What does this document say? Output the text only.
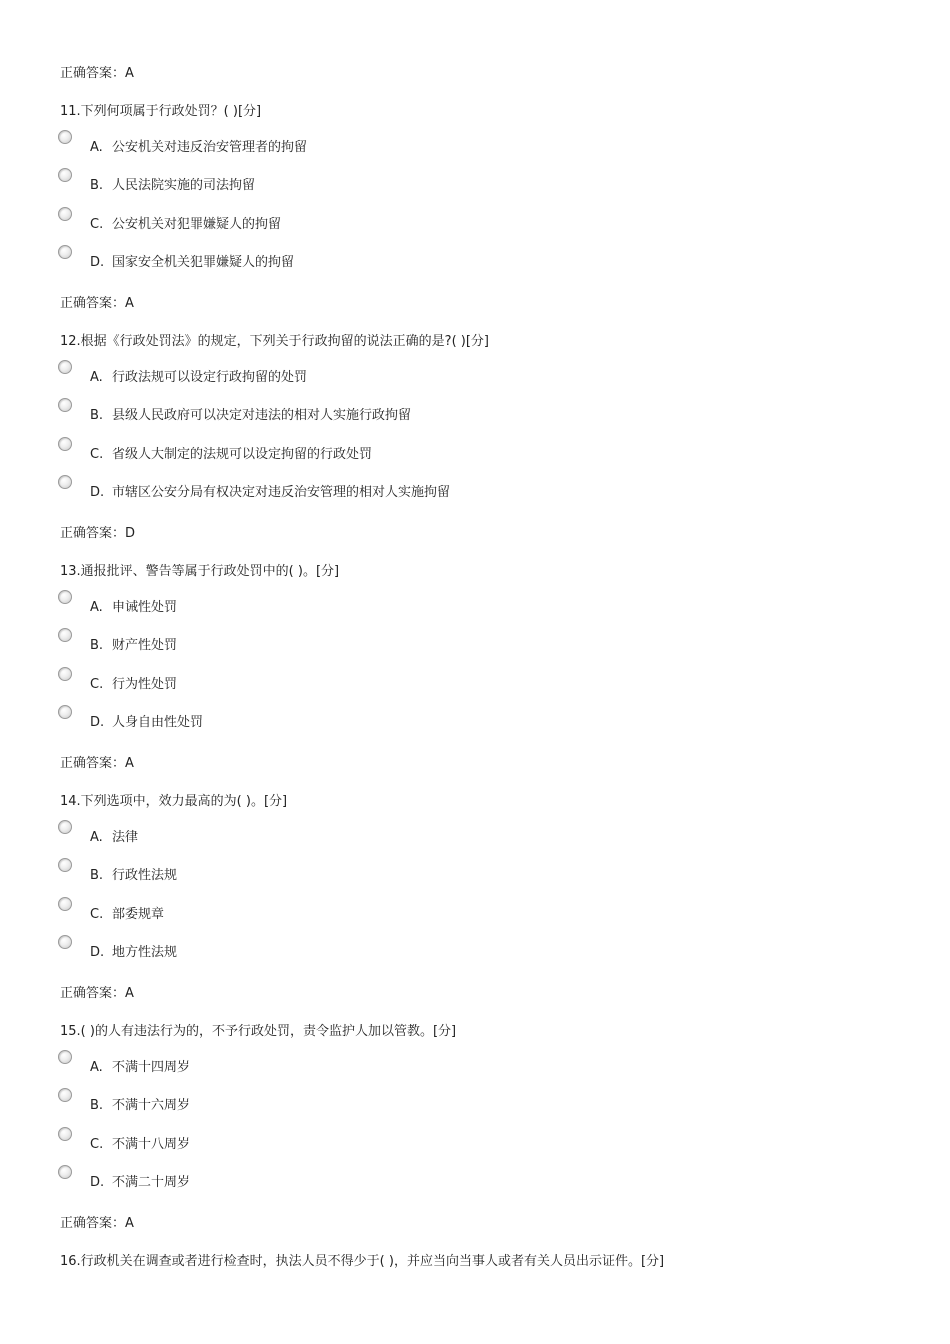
正确答案：A
11.下列何项属于行政处罚？( )[分]
A. 公安机关对违反治安管理者的拘留
B. 人民法院实施的司法拘留
C. 公安机关对犯罪嫌疑人的拘留
D. 国家安全机关犯罪嫌疑人的拘留
正确答案：A
12.根据《行政处罚法》的规定，下列关于行政拘留的说法正确的是?( )[分]
A. 行政法规可以设定行政拘留的处罚
B. 县级人民政府可以决定对违法的相对人实施行政拘留
C. 省级人大制定的法规可以设定拘留的行政处罚
D. 市辖区公安分局有权决定对违反治安管理的相对人实施拘留
正确答案：D
13.通报批评、警告等属于行政处罚中的( )。[分]
A. 申诫性处罚
B. 财产性处罚
C. 行为性处罚
D. 人身自由性处罚
正确答案：A
14.下列选项中，效力最高的为( )。[分]
A. 法律
B. 行政性法规
C. 部委规章
D. 地方性法规
正确答案：A
15.( )的人有违法行为的，不予行政处罚，责令监护人加以管教。[分]
A. 不满十四周岁
B. 不满十六周岁
C. 不满十八周岁
D. 不满二十周岁
正确答案：A
16.行政机关在调查或者进行检查时，执法人员不得少于( )，并应当向当事人或者有关人员出示证件。[分]
